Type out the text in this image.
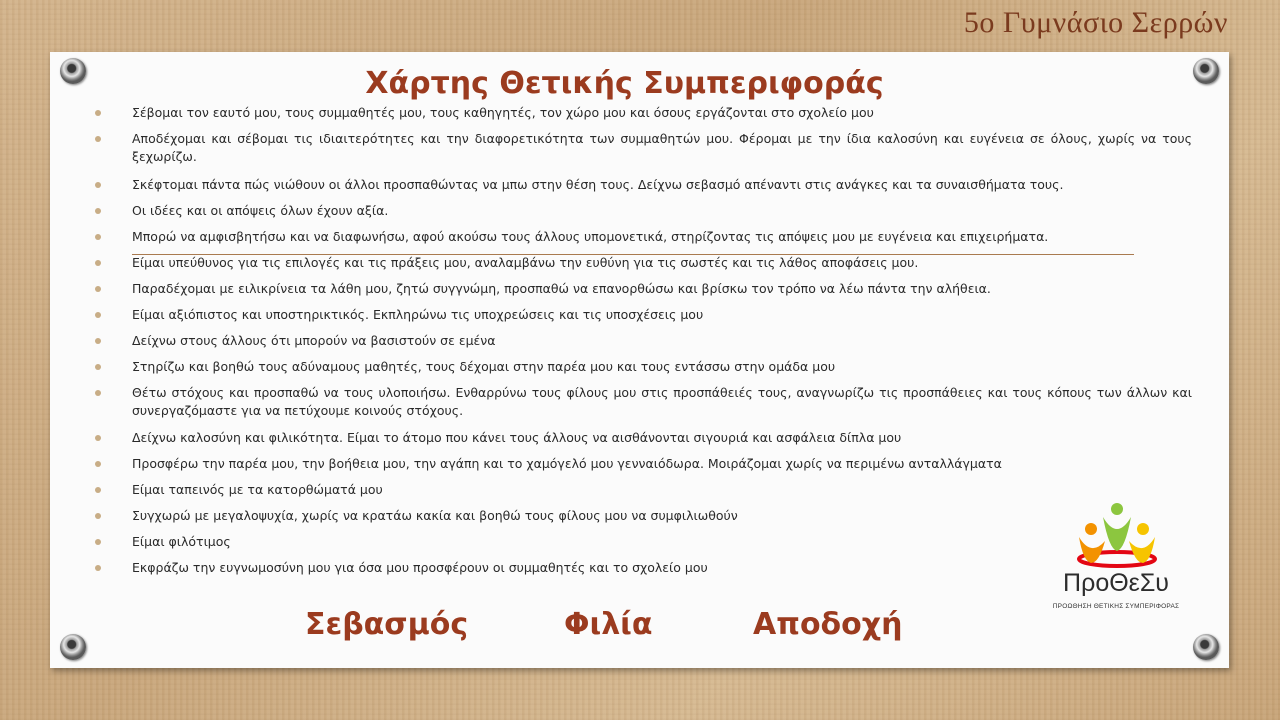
5ο Γυμνάσιο Σερρών
Χάρτης Θετικής Συμπεριφοράς
Σέβομαι τον εαυτό μου, τους συμμαθητές μου, τους καθηγητές, τον χώρο μου και όσους εργάζονται στο σχολείο μου
Αποδέχομαι και σέβομαι τις ιδιαιτερότητες και την διαφορετικότητα των συμμαθητών μου. Φέρομαι με την ίδια καλοσύνη και ευγένεια σε όλους, χωρίς να τους ξεχωρίζω.
Σκέφτομαι πάντα πώς νιώθουν οι άλλοι προσπαθώντας να μπω στην θέση τους. Δείχνω σεβασμό απέναντι στις ανάγκες και τα συναισθήματα τους.
Οι ιδέες και οι απόψεις όλων έχουν αξία.
Μπορώ να αμφισβητήσω και να διαφωνήσω, αφού ακούσω τους άλλους υπομονετικά, στηρίζοντας τις απόψεις μου με ευγένεια και επιχειρήματα.
Είμαι υπεύθυνος για τις επιλογές και τις πράξεις μου, αναλαμβάνω την ευθύνη για τις σωστές και τις λάθος αποφάσεις μου.
Παραδέχομαι με ειλικρίνεια τα λάθη μου, ζητώ συγγνώμη, προσπαθώ να επανορθώσω και βρίσκω τον τρόπο να λέω πάντα την αλήθεια.
Είμαι αξιόπιστος και υποστηρικτικός. Εκπληρώνω τις υποχρεώσεις και τις υποσχέσεις μου
Δείχνω στους άλλους ότι μπορούν να βασιστούν σε εμένα
Στηρίζω και βοηθώ τους αδύναμους μαθητές, τους δέχομαι στην παρέα μου και τους εντάσσω στην ομάδα μου
Θέτω στόχους και προσπαθώ να τους υλοποιήσω. Ενθαρρύνω τους φίλους μου στις προσπάθειές τους, αναγνωρίζω τις προσπάθειες και τους κόπους των άλλων και συνεργαζόμαστε για να πετύχουμε κοινούς στόχους.
Δείχνω καλοσύνη και φιλικότητα. Είμαι το άτομο που κάνει τους άλλους να αισθάνονται σιγουριά και ασφάλεια δίπλα μου
Προσφέρω την παρέα μου, την βοήθεια μου, την αγάπη και το χαμόγελό μου γενναιόδωρα. Μοιράζομαι χωρίς να περιμένω ανταλλάγματα
Είμαι ταπεινός με τα κατορθώματά μου
Συγχωρώ με μεγαλοψυχία, χωρίς να κρατάω κακία και βοηθώ τους φίλους μου να συμφιλιωθούν
Είμαι φιλότιμος
Εκφράζω την ευγνωμοσύνη μου για όσα μου προσφέρουν οι συμμαθητές και το σχολείο μου
Σεβασμός	Φιλία	Αποδοχή
ΠροΘεΣυ
ΠΡΟΩΘΗΣΗ ΘΕΤΙΚΗΣ ΣΥΜΠΕΡΙΦΟΡΑΣ
